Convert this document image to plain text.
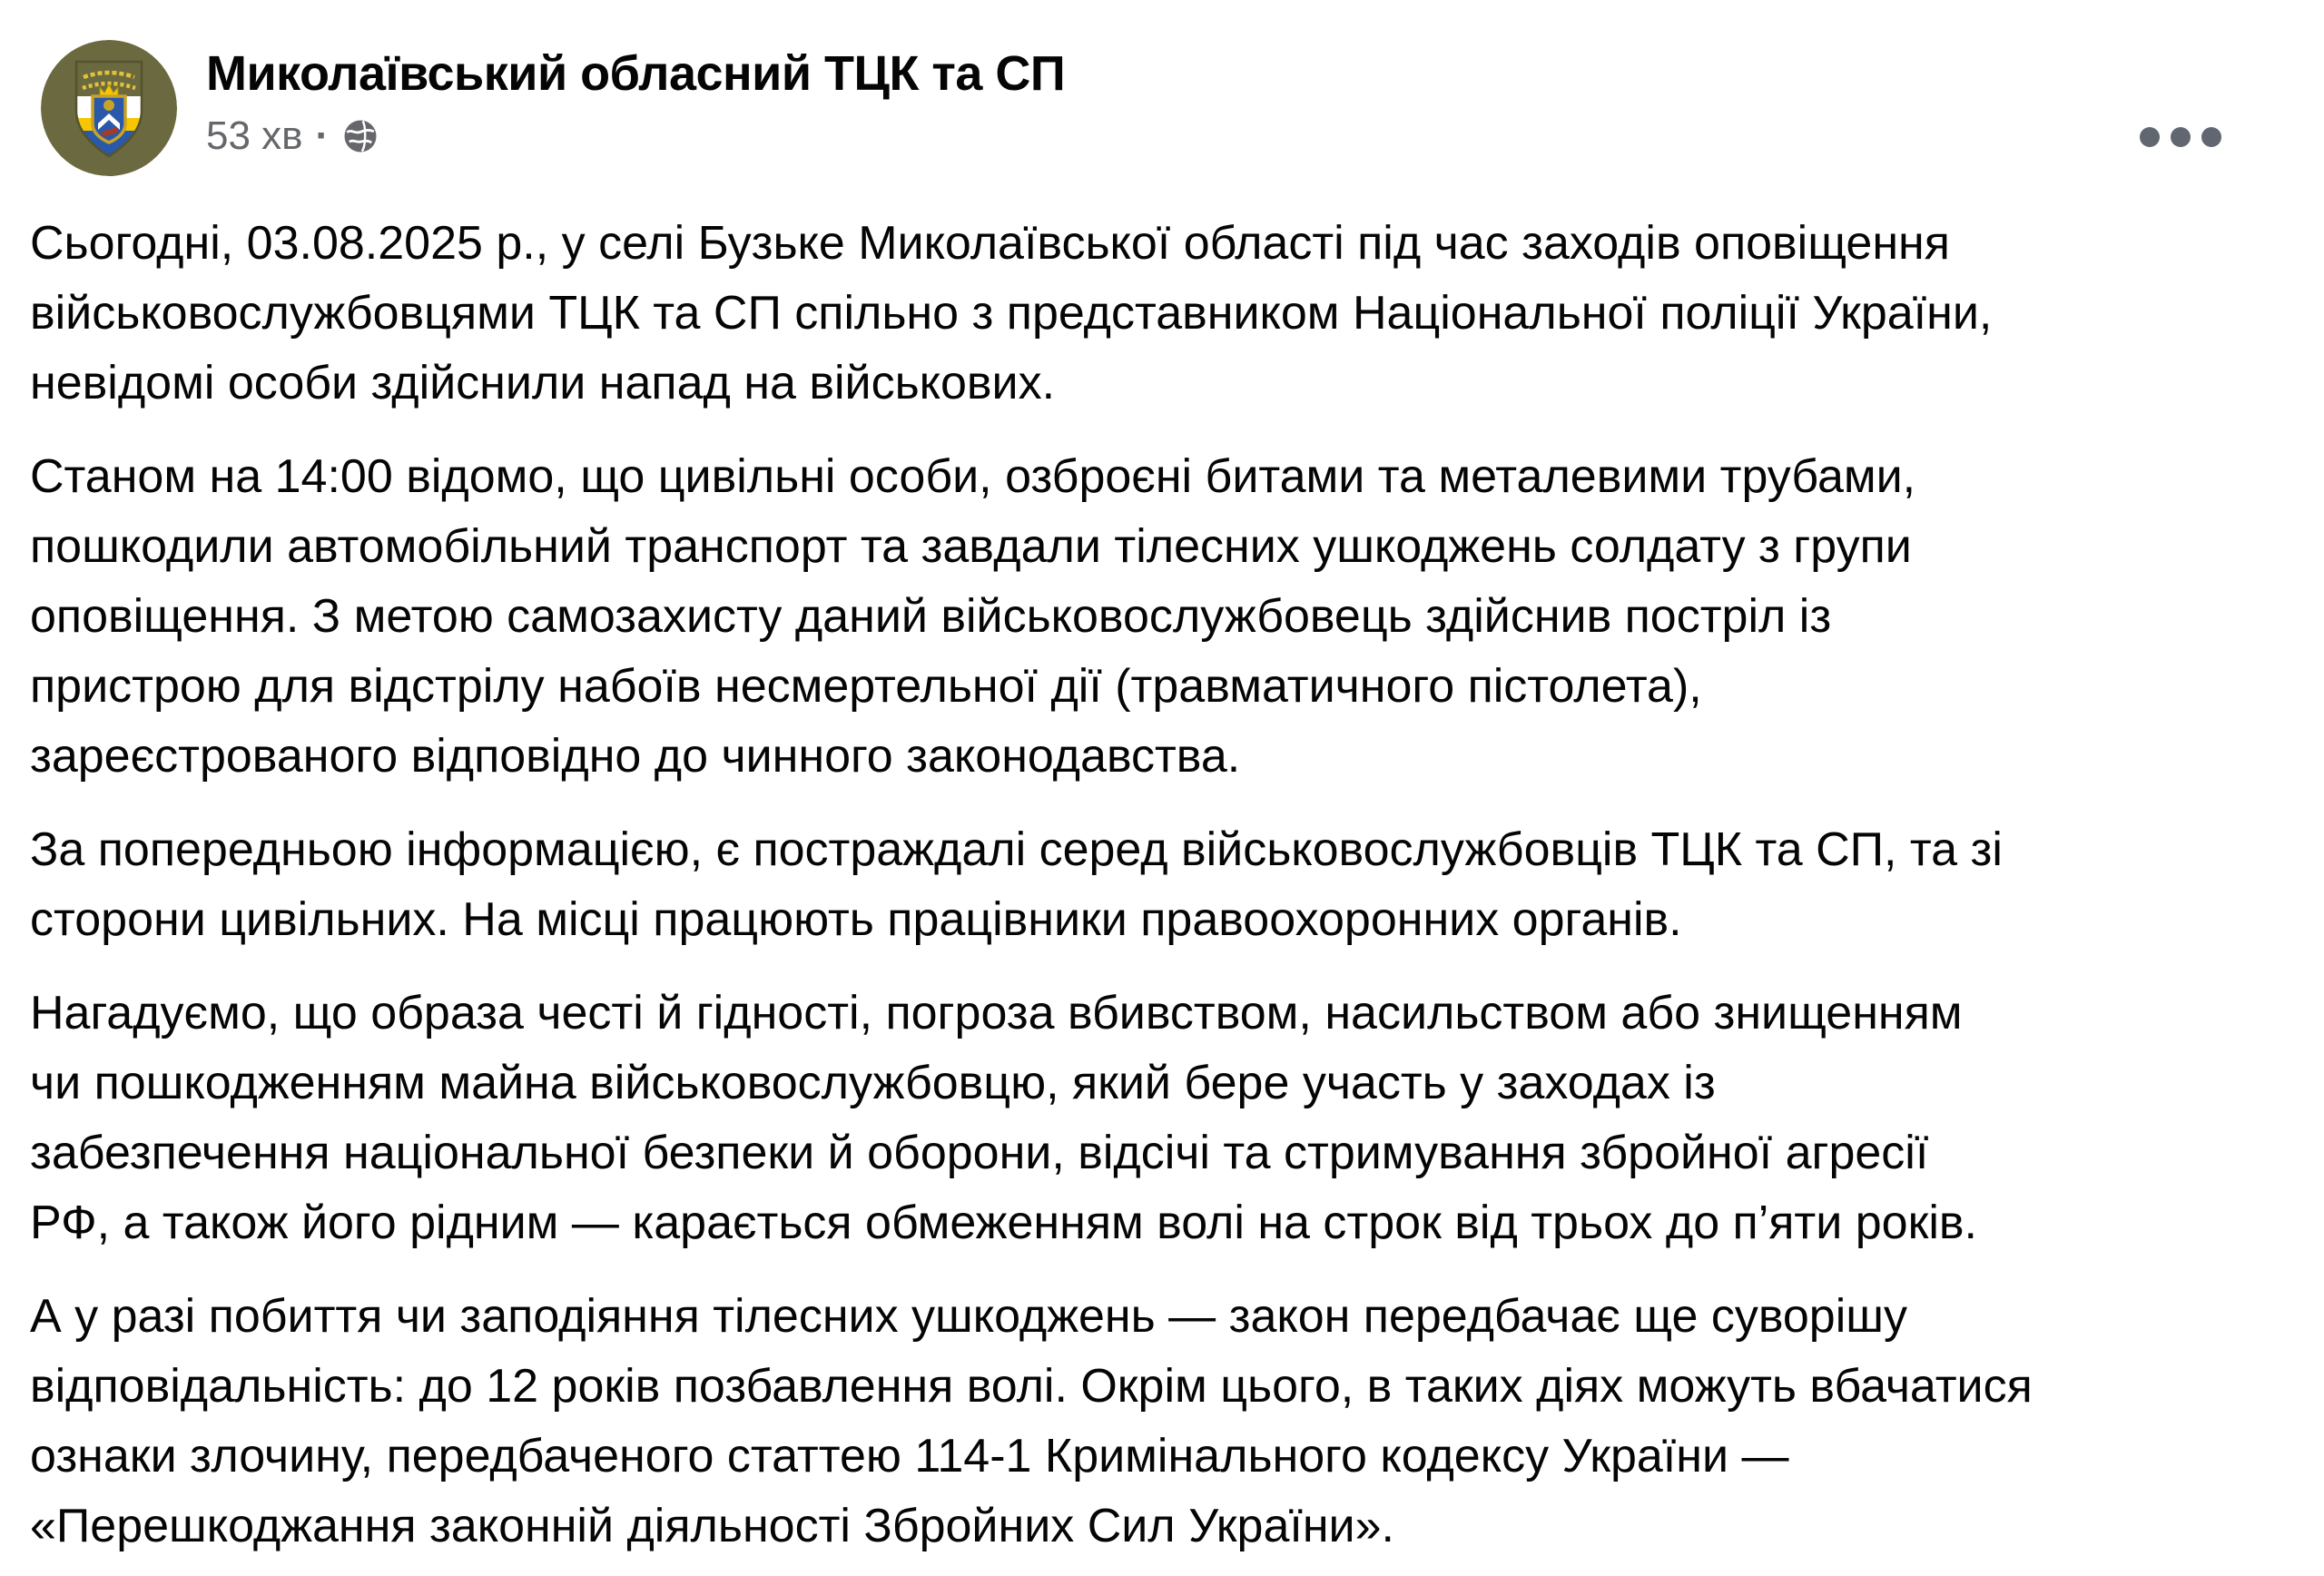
Миколаївський обласний ТЦК та СП
53 хв ·

Сьогодні, 03.08.2025 р., у селі Бузьке Миколаївської області під час заходів оповіщення
військовослужбовцями ТЦК та СП спільно з представником Національної поліції України,
невідомі особи здійснили напад на військових.

Станом на 14:00 відомо, що цивільні особи, озброєні битами та металевими трубами,
пошкодили автомобільний транспорт та завдали тілесних ушкоджень солдату з групи
оповіщення. З метою самозахисту даний військовослужбовець здійснив постріл із
пристрою для відстрілу набоїв несмертельної дії (травматичного пістолета),
зареєстрованого відповідно до чинного законодавства.

За попередньою інформацією, є постраждалі серед військовослужбовців ТЦК та СП, та зі
сторони цивільних. На місці працюють працівники правоохоронних органів.

Нагадуємо, що образа честі й гідності, погроза вбивством, насильством або знищенням
чи пошкодженням майна військовослужбовцю, який бере участь у заходах із
забезпечення національної безпеки й оборони, відсічі та стримування збройної агресії
РФ, а також його рідним — карається обмеженням волі на строк від трьох до п’яти років.

А у разі побиття чи заподіяння тілесних ушкоджень — закон передбачає ще суворішу
відповідальність: до 12 років позбавлення волі. Окрім цього, в таких діях можуть вбачатися
ознаки злочину, передбаченого статтею 114-1 Кримінального кодексу України —
«Перешкоджання законній діяльності Збройних Сил України».
